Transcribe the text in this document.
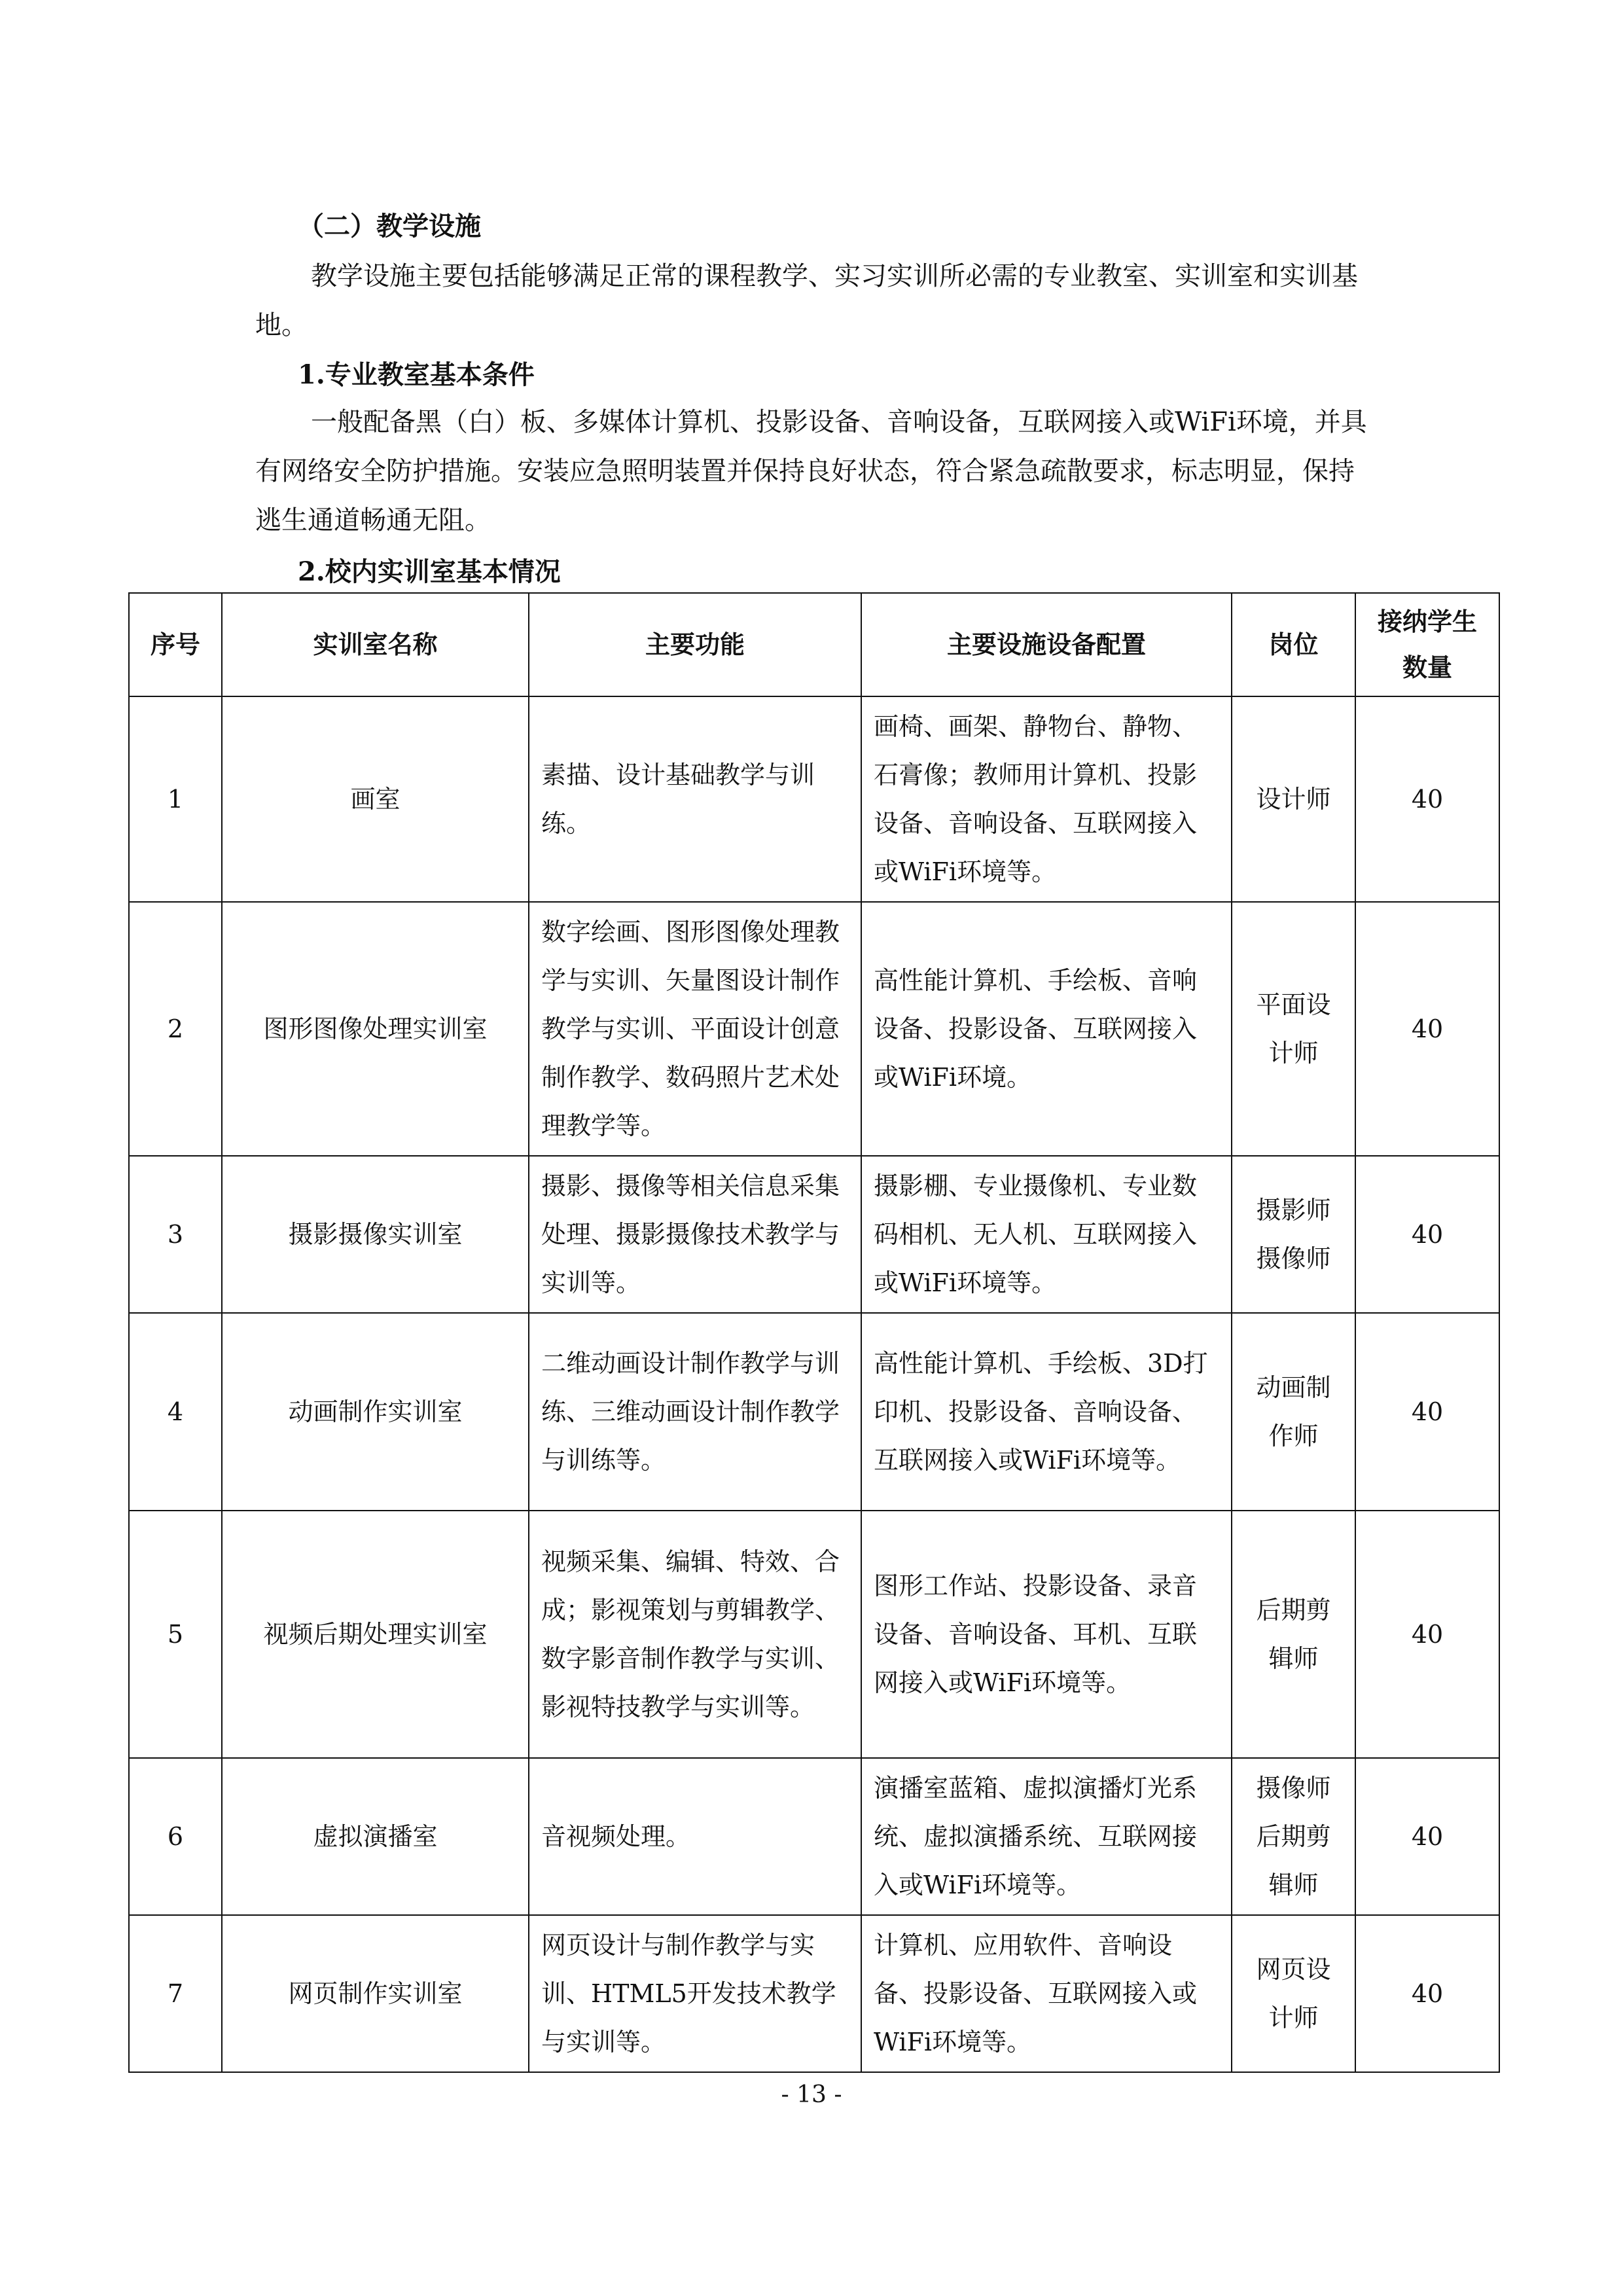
（二）教学设施

教学设施主要包括能够满足正常的课程教学、实习实训所必需的专业教室、实训室和实训基地。

1.专业教室基本条件

一般配备黑（白）板、多媒体计算机、投影设备、音响设备，互联网接入或WiFi环境，并具有网络安全防护措施。安装应急照明装置并保持良好状态，符合紧急疏散要求，标志明显，保持逃生通道畅通无阻。

2.校内实训室基本情况

序号	实训室名称	主要功能	主要设施设备配置	岗位	接纳学生数量
1	画室	素描、设计基础教学与训练。	画椅、画架、静物台、静物、石膏像；教师用计算机、投影设备、音响设备、互联网接入或WiFi环境等。	设计师	40
2	图形图像处理实训室	数字绘画、图形图像处理教学与实训、矢量图设计制作教学与实训、平面设计创意制作教学、数码照片艺术处理教学等。	高性能计算机、手绘板、音响设备、投影设备、互联网接入或WiFi环境。	平面设计师	40
3	摄影摄像实训室	摄影、摄像等相关信息采集处理、摄影摄像技术教学与实训等。	摄影棚、专业摄像机、专业数码相机、无人机、互联网接入或WiFi环境等。	摄影师摄像师	40
4	动画制作实训室	二维动画设计制作教学与训练、三维动画设计制作教学与训练等。	高性能计算机、手绘板、3D打印机、投影设备、音响设备、互联网接入或WiFi环境等。	动画制作师	40
5	视频后期处理实训室	视频采集、编辑、特效、合成；影视策划与剪辑教学、数字影音制作教学与实训、影视特技教学与实训等。	图形工作站、投影设备、录音设备、音响设备、耳机、互联网接入或WiFi环境等。	后期剪辑师	40
6	虚拟演播室	音视频处理。	演播室蓝箱、虚拟演播灯光系统、虚拟演播系统、互联网接入或WiFi环境等。	摄像师后期剪辑师	40
7	网页制作实训室	网页设计与制作教学与实训、HTML5开发技术教学与实训等。	计算机、应用软件、音响设备、投影设备、互联网接入或WiFi环境等。	网页设计师	40
- 13 -
